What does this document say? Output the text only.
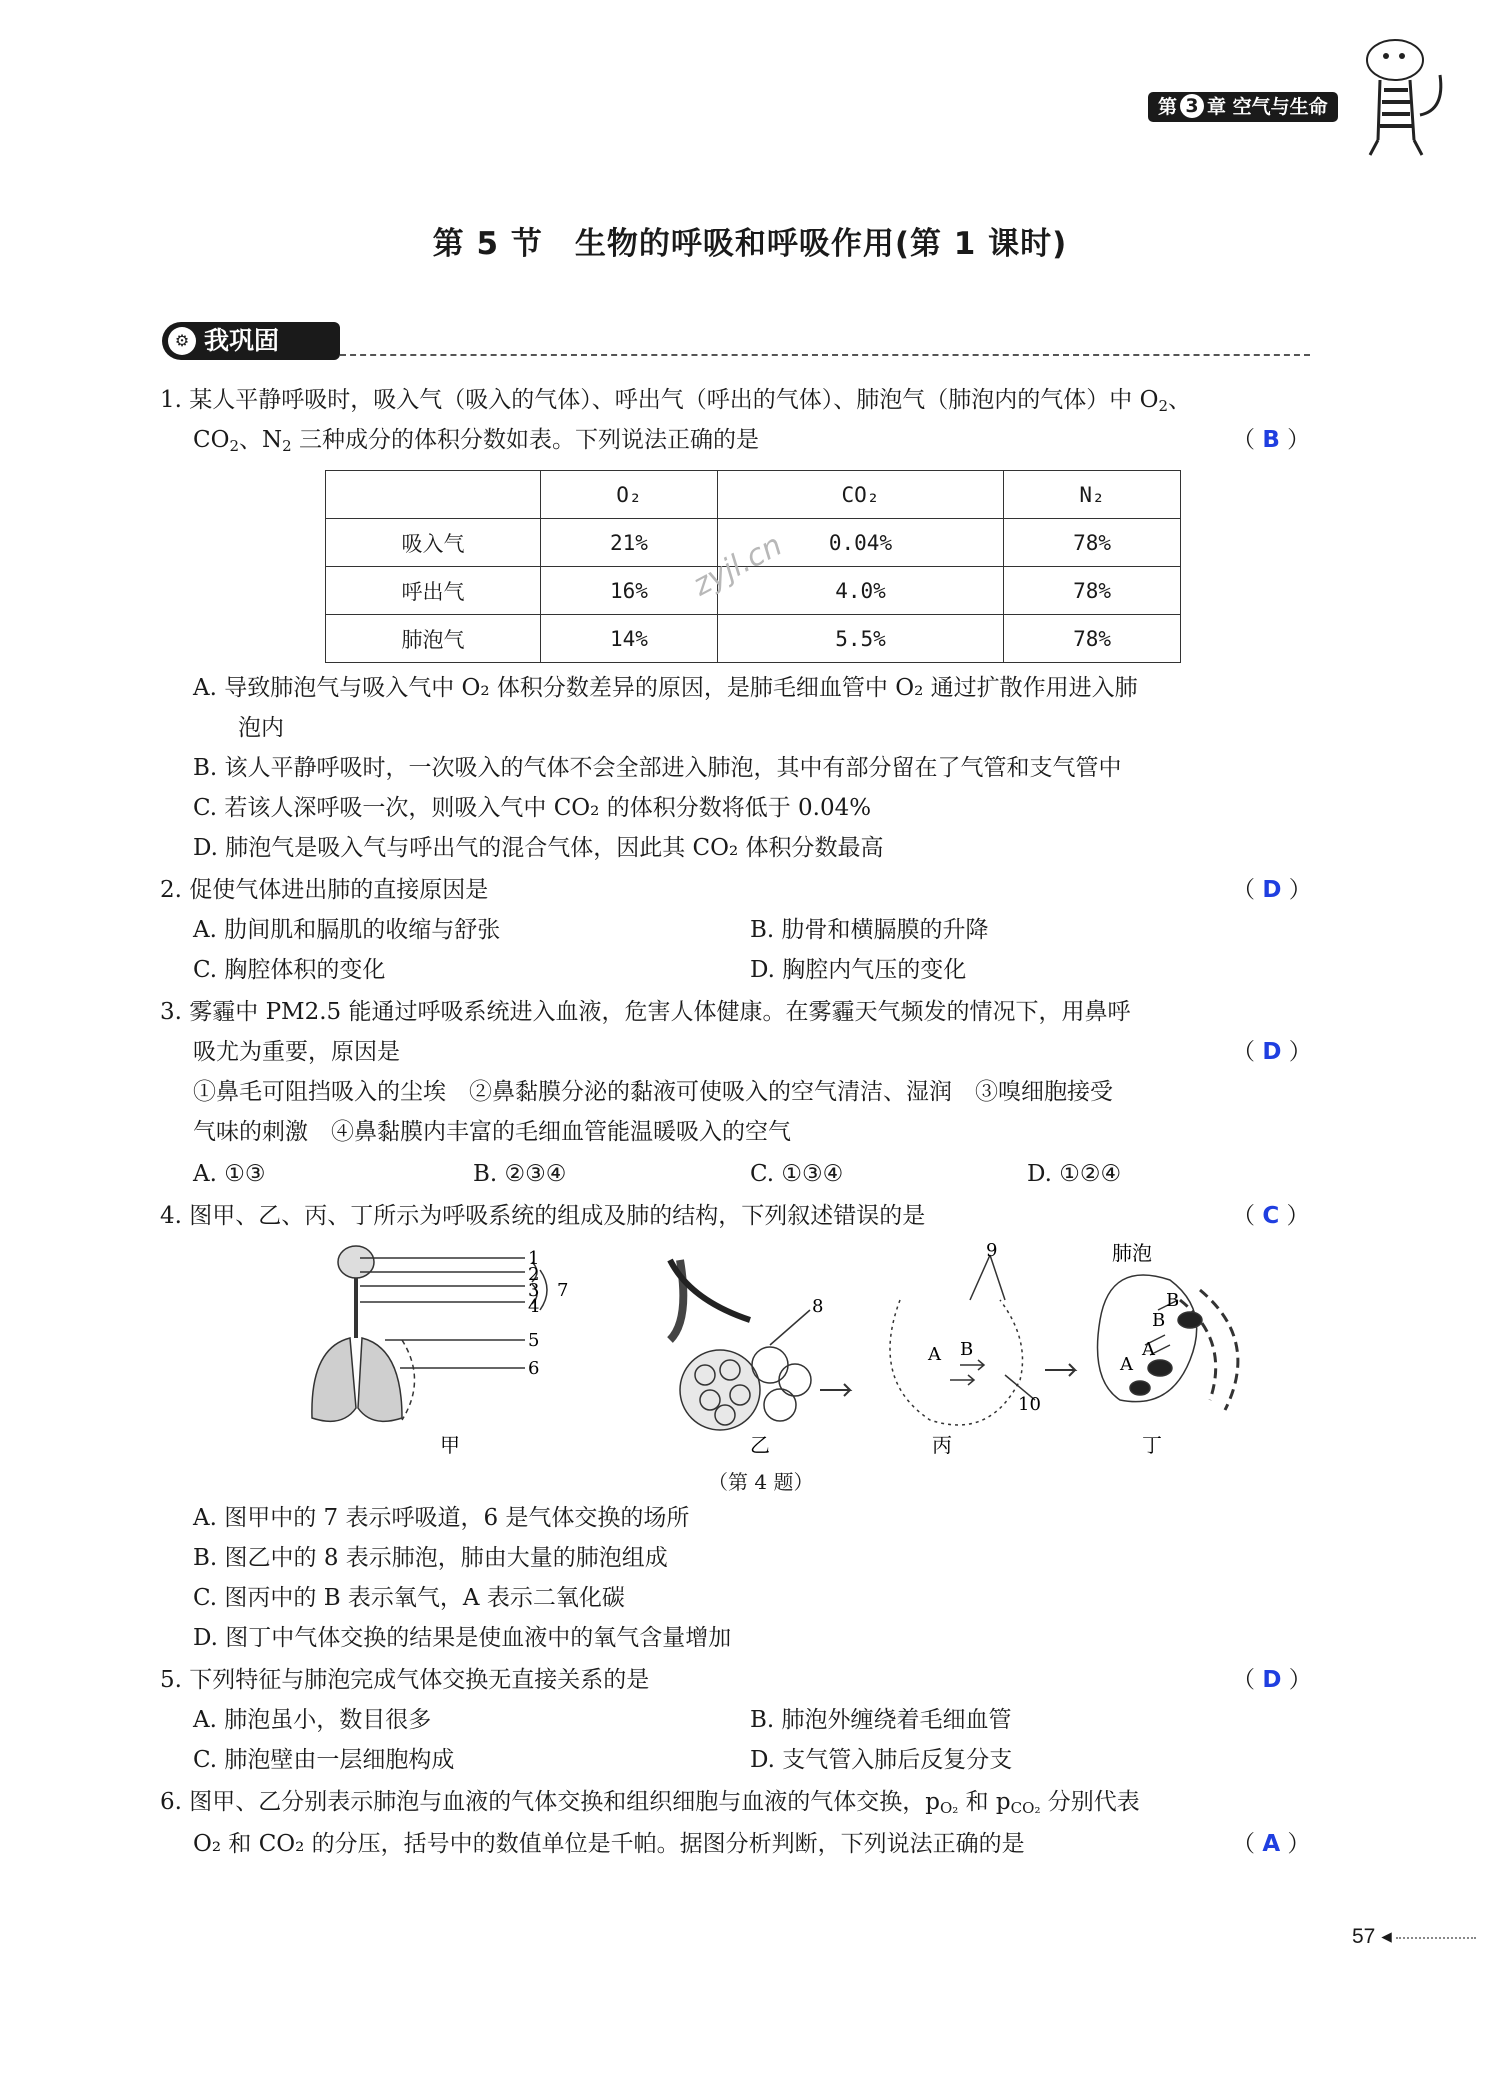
第 3 章 空气与生命
第 5 节　生物的呼吸和呼吸作用(第 1 课时)
⚙ 我巩固
1. 某人平静呼吸时，吸入气（吸入的气体）、呼出气（呼出的气体）、肺泡气（肺泡内的气体）中 $O_2$、
$CO_2$、$N_2$ 三种成分的体积分数如表。下列说法正确的是	（ B ）
	O₂	CO₂	N₂
吸入气	21%	0.04%	78%
呼出气	16%	4.0%	78%
肺泡气	14%	5.5%	78%
zyjl.cn
A. 导致肺泡气与吸入气中 O₂ 体积分数差异的原因，是肺毛细血管中 O₂ 通过扩散作用进入肺
泡内
B. 该人平静呼吸时，一次吸入的气体不会全部进入肺泡，其中有部分留在了气管和支气管中
C. 若该人深呼吸一次，则吸入气中 CO₂ 的体积分数将低于 0.04%
D. 肺泡气是吸入气与呼出气的混合气体，因此其 CO₂ 体积分数最高
2. 促使气体进出肺的直接原因是	（ D ）
A. 肋间肌和膈肌的收缩与舒张	B. 肋骨和横膈膜的升降
C. 胸腔体积的变化	D. 胸腔内气压的变化
3. 雾霾中 PM2.5 能通过呼吸系统进入血液，危害人体健康。在雾霾天气频发的情况下，用鼻呼
吸尤为重要，原因是	（ D ）
①鼻毛可阻挡吸入的尘埃　②鼻黏膜分泌的黏液可使吸入的空气清洁、湿润　③嗅细胞接受
气味的刺激　④鼻黏膜内丰富的毛细血管能温暖吸入的空气
A. ①③	B. ②③④	C. ①③④	D. ①②④
4. 图甲、乙、丙、丁所示为呼吸系统的组成及肺的结构，下列叙述错误的是	（ C ）
1
2
3
4
7
5
6
甲
8
乙
9
A B
10
丙
肺泡
A
A
B
B
丁
（第 4 题）
A. 图甲中的 7 表示呼吸道，6 是气体交换的场所
B. 图乙中的 8 表示肺泡，肺由大量的肺泡组成
C. 图丙中的 B 表示氧气，A 表示二氧化碳
D. 图丁中气体交换的结果是使血液中的氧气含量增加
5. 下列特征与肺泡完成气体交换无直接关系的是	（ D ）
A. 肺泡虽小，数目很多	B. 肺泡外缠绕着毛细血管
C. 肺泡壁由一层细胞构成	D. 支气管入肺后反复分支
6. 图甲、乙分别表示肺泡与血液的气体交换和组织细胞与血液的气体交换，$p_{O_2}$ 和 $p_{CO_2}$ 分别代表
O₂ 和 CO₂ 的分压，括号中的数值单位是千帕。据图分析判断，下列说法正确的是	（ A ）
57 ◂
